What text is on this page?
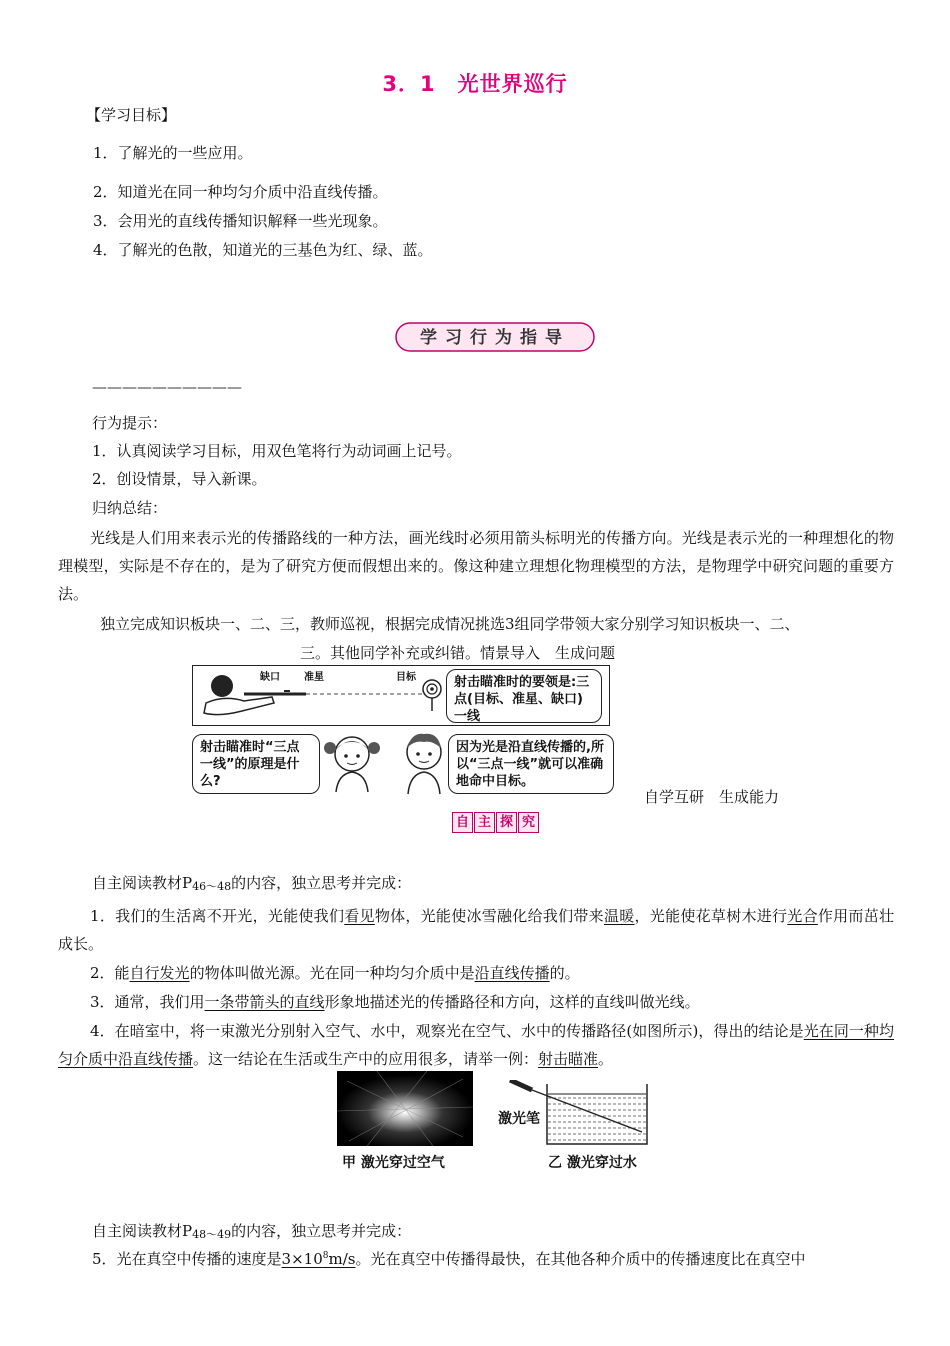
3．1　光世界巡行
【学习目标】
1．了解光的一些应用。
2．知道光在同一种均匀介质中沿直线传播。
3．会用光的直线传播知识解释一些光现象。
4．了解光的色散，知道光的三基色为红、绿、蓝。
学习行为指导
——————————
行为提示：
1．认真阅读学习目标，用双色笔将行为动词画上记号。
2．创设情景，导入新课。
归纳总结：
光线是人们用来表示光的传播路线的一种方法，画光线时必须用箭头标明光的传播方向。光线是表示光的一种理想化的物理模型，实际是不存在的，是为了研究方便而假想出来的。像这种建立理想化物理模型的方法，是物理学中研究问题的重要方法。
独立完成知识板块一、二、三，教师巡视，根据完成情况挑选3组同学带领大家分别学习知识板块一、二、
三。其他同学补充或纠错。情景导入　生成问题
缺口 准星	目标	射击瞄准时的要领是:三点(目标、准星、缺口)一线
射击瞄准时“三点一线”的原理是什么?
因为光是沿直线传播的,所以“三点一线”就可以准确地命中目标。
自学互研　生成能力
自 主 探 究
自主阅读教材P46～48的内容，独立思考并完成：
1．我们的生活离不开光，光能使我们看见物体，光能使冰雪融化给我们带来温暖，光能使花草树木进行光合作用而茁壮成长。
2．能自行发光的物体叫做光源。光在同一种均匀介质中是沿直线传播的。
3．通常，我们用一条带箭头的直线形象地描述光的传播路径和方向，这样的直线叫做光线。
4．在暗室中，将一束激光分别射入空气、水中，观察光在空气、水中的传播路径(如图所示)，得出的结论是光在同一种均匀介质中沿直线传播。这一结论在生活或生产中的应用很多，请举一例：射击瞄准。
甲 激光穿过空气
激光笔
乙 激光穿过水
自主阅读教材P48～49的内容，独立思考并完成：
5．光在真空中传播的速度是$3\times 10^8m/s$。光在真空中传播得最快，在其他各种介质中的传播速度比在真空中
